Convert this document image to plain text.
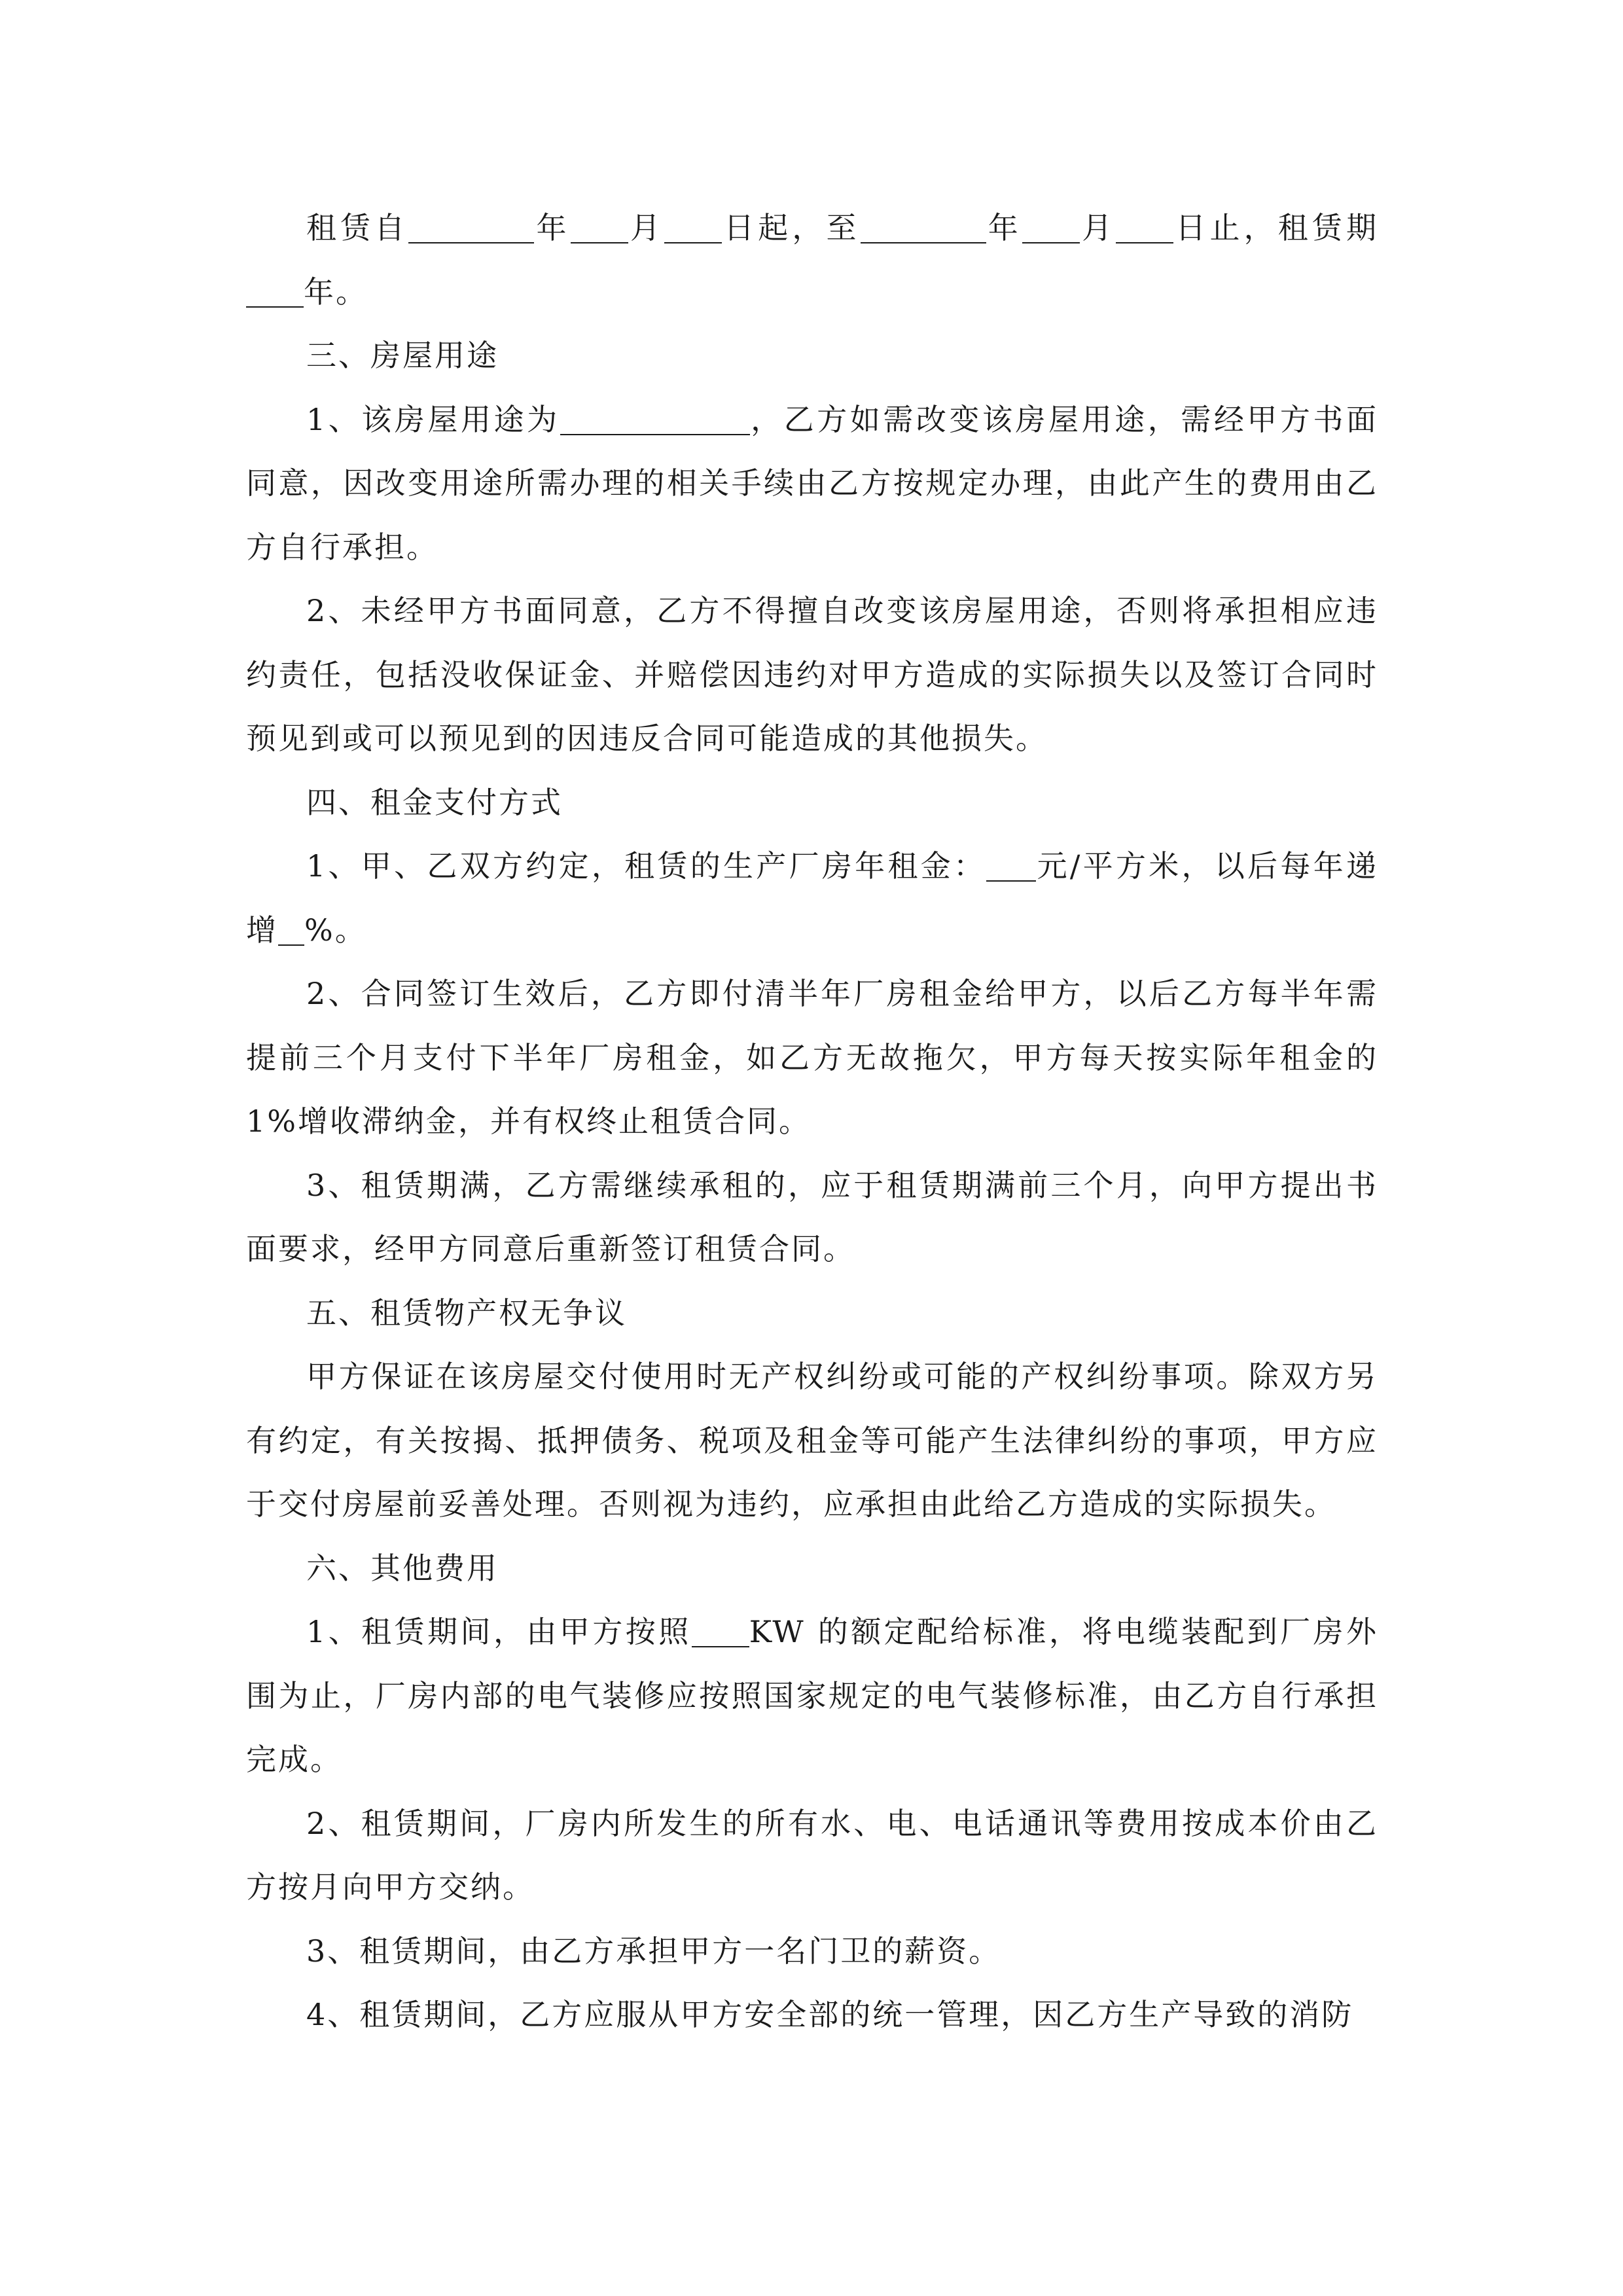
租赁自	年 月 日起，至	年 月 日止，租赁期年。

三、房屋用途

1、该房屋用途为	，乙方如需改变该房屋用途，需经甲方书面同意，因改变用途所需办理的相关手续由乙方按规定办理，由此产生的费用由乙方自行承担。

2、未经甲方书面同意，乙方不得擅自改变该房屋用途，否则将承担相应违约责任，包括没收保证金、并赔偿因违约对甲方造成的实际损失以及签订合同时预见到或可以预见到的因违反合同可能造成的其他损失。

四、租金支付方式

1、甲、乙双方约定，租赁的生产厂房年租金： 元/平方米，以后每年递增 %。

2、合同签订生效后，乙方即付清半年厂房租金给甲方，以后乙方每半年需提前三个月支付下半年厂房租金，如乙方无故拖欠，甲方每天按实际年租金的 1%增收滞纳金，并有权终止租赁合同。

3、租赁期满，乙方需继续承租的，应于租赁期满前三个月，向甲方提出书面要求，经甲方同意后重新签订租赁合同。

五、租赁物产权无争议

甲方保证在该房屋交付使用时无产权纠纷或可能的产权纠纷事项。除双方另有约定，有关按揭、抵押债务、税项及租金等可能产生法律纠纷的事项，甲方应于交付房屋前妥善处理。否则视为违约，应承担由此给乙方造成的实际损失。

六、其他费用

1、租赁期间，由甲方按照 KW 的额定配给标准，将电缆装配到厂房外围为止，厂房内部的电气装修应按照国家规定的电气装修标准，由乙方自行承担完成。

2、租赁期间，厂房内所发生的所有水、电、电话通讯等费用按成本价由乙方按月向甲方交纳。

3、租赁期间，由乙方承担甲方一名门卫的薪资。

4、租赁期间，乙方应服从甲方安全部的统一管理，因乙方生产导致的消防
